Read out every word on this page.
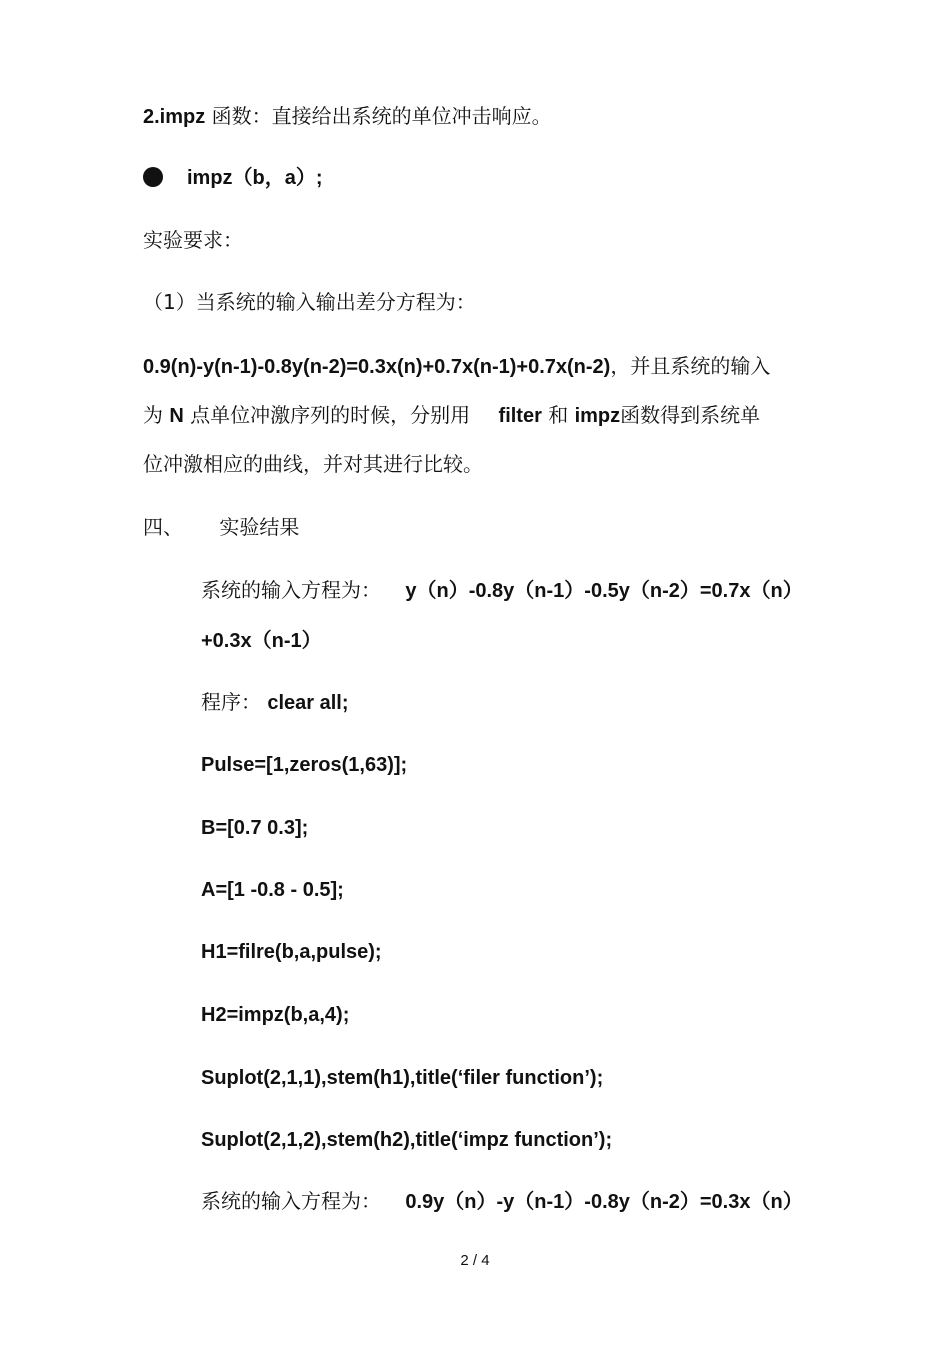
2.impz 函数：直接给出系统的单位冲击响应。
impz（b，a）;
实验要求：
（1）当系统的输入输出差分方程为：
0.9(n)-y(n-1)-0.8y(n-2)=0.3x(n)+0.7x(n-1)+0.7x(n-2)，并且系统的输入
为 N 点单位冲激序列的时候，分别用 filter 和 impz函数得到系统单
位冲激相应的曲线，并对其进行比较。
四、 实验结果
系统的输入方程为： y（n）-0.8y（n-1）-0.5y（n-2）=0.7x（n）
+0.3x（n-1）
程序： clear all;
Pulse=[1,zeros(1,63)];
B=[0.7 0.3];
A=[1 -0.8 - 0.5];
H1=filre(b,a,pulse);
H2=impz(b,a,4);
Suplot(2,1,1),stem(h1),title(‘filer function’);
Suplot(2,1,2),stem(h2),title(‘impz function’);
系统的输入方程为： 0.9y（n）-y（n-1）-0.8y（n-2）=0.3x（n）
2 / 4
